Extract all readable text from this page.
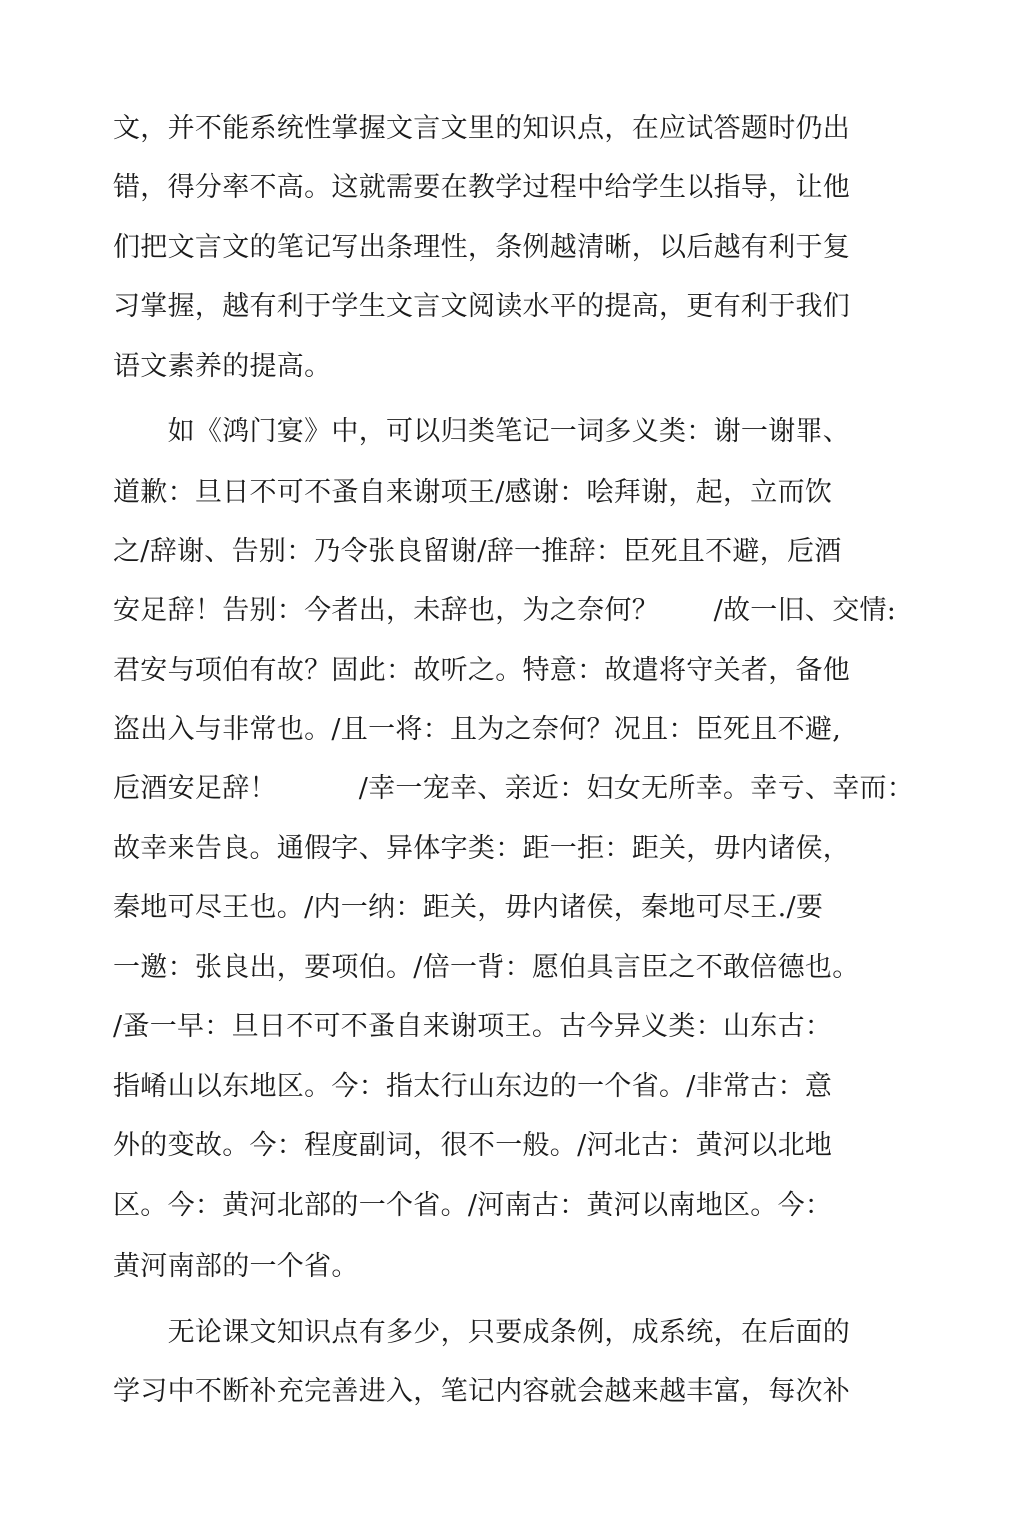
文，并不能系统性掌握文言文里的知识点，在应试答题时仍出
错，得分率不高。这就需要在教学过程中给学生以指导，让他
们把文言文的笔记写出条理性，条例越清晰，以后越有利于复
习掌握，越有利于学生文言文阅读水平的提高，更有利于我们
语文素养的提高。
　　如《鸿门宴》中，可以归类笔记一词多义类：谢一谢罪、
道歉：旦日不可不蚤自来谢项王/感谢：哙拜谢，起，立而饮
之/辞谢、告别：乃令张良留谢/辞一推辞：臣死且不避，卮酒
安足辞！告别：今者出，未辞也，为之奈何？　　/故一旧、交情:
君安与项伯有故？固此：故听之。特意：故遣将守关者，备他
盗出入与非常也。/且一将：且为之奈何？况且：臣死且不避,
卮酒安足辞！　　　/幸一宠幸、亲近：妇女无所幸。幸亏、幸而：
故幸来告良。通假字、异体字类：距一拒：距关，毋内诸侯，
秦地可尽王也。/内一纳：距关，毋内诸侯，秦地可尽王./要
一邀：张良出，要项伯。/倍一背：愿伯具言臣之不敢倍德也。
/蚤一早：旦日不可不蚤自来谢项王。古今异义类：山东古：
指崤山以东地区。今：指太行山东边的一个省。/非常古：意
外的变故。今：程度副词，很不一般。/河北古：黄河以北地
区。今：黄河北部的一个省。/河南古：黄河以南地区。今：
黄河南部的一个省。
　　无论课文知识点有多少，只要成条例，成系统，在后面的
学习中不断补充完善进入，笔记内容就会越来越丰富，每次补
